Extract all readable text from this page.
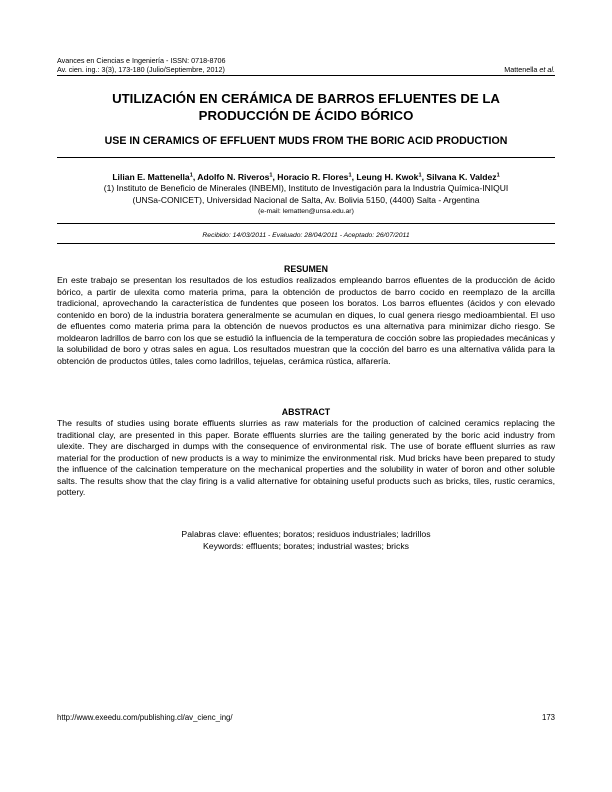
Avances en Ciencias e Ingeniería - ISSN: 0718-8706
Av. cien. ing.: 3(3), 173-180 (Julio/Septiembre, 2012)	Mattenella et al.
UTILIZACIÓN EN CERÁMICA DE BARROS EFLUENTES DE LA
PRODUCCIÓN DE ÁCIDO BÓRICO
USE IN CERAMICS OF EFFLUENT MUDS FROM THE BORIC ACID PRODUCTION
Lilian E. Mattenella$^1$, Adolfo N. Riveros$^1$, Horacio R. Flores$^1$, Leung H. Kwok$^1$, Silvana K. Valdez$^1$
(1) Instituto de Beneficio de Minerales (INBEMI), Instituto de Investigación para la Industria Química-INIQUI
(UNSa-CONICET), Universidad Nacional de Salta, Av. Bolivia 5150, (4400) Salta - Argentina
(e-mail: lematten@unsa.edu.ar)
Recibido: 14/03/2011 - Evaluado: 28/04/2011 - Aceptado: 26/07/2011
RESUMEN
En este trabajo se presentan los resultados de los estudios realizados empleando barros efluentes de la producción de ácido bórico, a partir de ulexita como materia prima, para la obtención de productos de barro cocido en reemplazo de la arcilla tradicional, aprovechando la característica de fundentes que poseen los boratos. Los barros efluentes (ácidos y con elevado contenido en boro) de la industria boratera generalmente se acumulan en diques, lo cual genera riesgo medioambiental. El uso de efluentes como materia prima para la obtención de nuevos productos es una alternativa para minimizar dicho riesgo. Se moldearon ladrillos de barro con los que se estudió la influencia de la temperatura de cocción sobre las propiedades mecánicas y la solubilidad de boro y otras sales en agua. Los resultados muestran que la cocción del barro es una alternativa válida para la obtención de productos útiles, tales como ladrillos, tejuelas, cerámica rústica, alfarería.
ABSTRACT
The results of studies using borate effluents slurries as raw materials for the production of calcined ceramics replacing the traditional clay, are presented in this paper. Borate effluents slurries are the tailing generated by the boric acid industry from ulexite. They are discharged in dumps with the consequence of environmental risk. The use of borate effluent slurries as raw material for the production of new products is a way to minimize the environmental risk. Mud bricks have been prepared to study the influence of the calcination temperature on the mechanical properties and the solubility in water of boron and other soluble salts. The results show that the clay firing is a valid alternative for obtaining useful products such as bricks, tiles, rustic ceramics, pottery.
Palabras clave: efluentes; boratos; residuos industriales; ladrillos
Keywords: effluents; borates; industrial wastes; bricks
http://www.exeedu.com/publishing.cl/av_cienc_ing/	173
